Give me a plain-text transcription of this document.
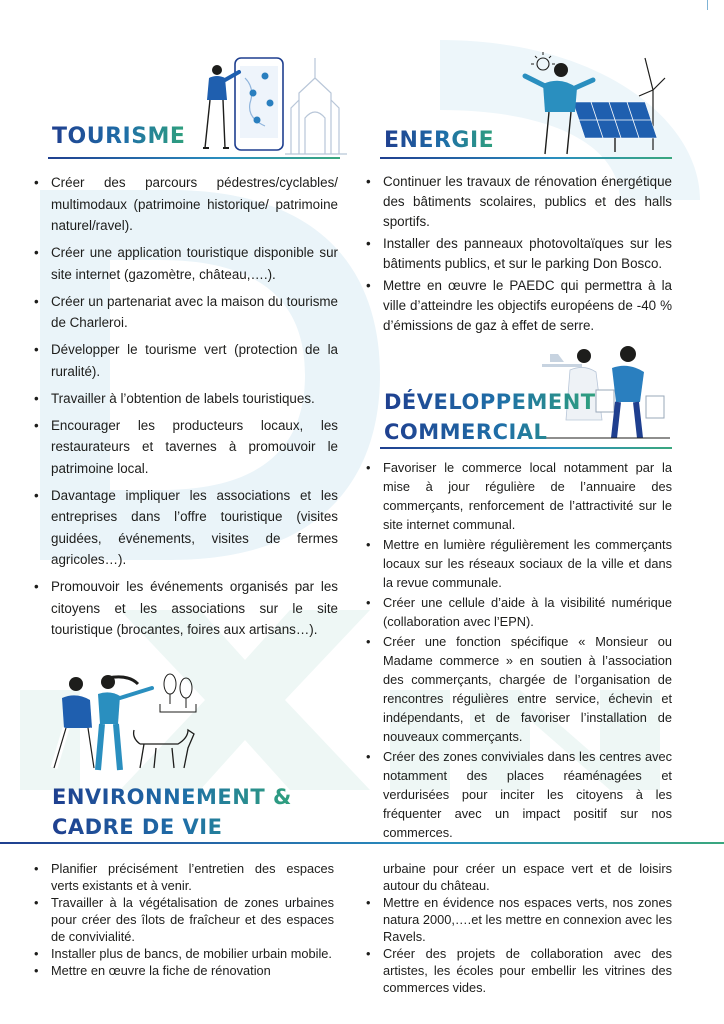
TOURISME
• Créer des parcours pédestres/cyclables/ multimodaux (patrimoine historique/ patrimoine naturel/ravel).
• Créer une application touristique disponible sur site internet (gazomètre, château,….).
• Créer un partenariat avec la maison du tourisme de Charleroi.
• Développer le tourisme vert (protection de la ruralité).
• Travailler à l’obtention de labels touristiques.
• Encourager les producteurs locaux, les restaurateurs et tavernes à promouvoir le patrimoine local.
• Davantage impliquer les associations et les entreprises dans l’offre touristique (visites guidées, événements, visites de fermes agricoles…).
• Promouvoir les événements organisés par les citoyens et les associations sur le site touristique (brocantes, foires aux artisans…).
ENERGIE
• Continuer les travaux de rénovation énergétique des bâtiments scolaires, publics et des halls sportifs.
• Installer des panneaux photovoltaïques sur les bâtiments publics, et sur le parking Don Bosco.
• Mettre en œuvre le PAEDC qui permettra à la ville d’atteindre les objectifs européens de -40 % d’émissions de gaz à effet de serre.
DÉVELOPPEMENT
COMMERCIAL
• Favoriser le commerce local notamment par la mise à jour régulière de l’annuaire des commerçants, renforcement de l’attractivité sur le site internet communal.
• Mettre en lumière régulièrement les commerçants locaux sur les réseaux sociaux de la ville et dans la revue communale.
• Créer une cellule d’aide à la visibilité numérique (collaboration avec l’EPN).
• Créer une fonction spécifique « Monsieur ou Madame commerce » en soutien à l’association des commerçants, chargée de l’organisation de rencontres régulières entre service, échevin et indépendants, et de favoriser l’installation de nouveaux commerçants.
• Créer des zones conviviales dans les centres avec notamment des places réaménagées et verdurisées pour inciter les citoyens à les fréquenter avec un impact positif sur nos commerces.
ENVIRONNEMENT &
CADRE DE VIE
• Planifier précisément l’entretien des espaces verts existants et à venir.
• Travailler à la végétalisation de zones urbaines pour créer des îlots de fraîcheur et des espaces de convivialité.
• Installer plus de bancs, de mobilier urbain mobile.
• Mettre en œuvre la fiche de rénovation
urbaine pour créer un espace vert et de loisirs autour du château.
• Mettre en évidence nos espaces verts, nos zones natura 2000,….et les mettre en connexion avec les Ravels.
• Créer des projets de collaboration avec des artistes, les écoles pour embellir les vitrines des commerces vides.
